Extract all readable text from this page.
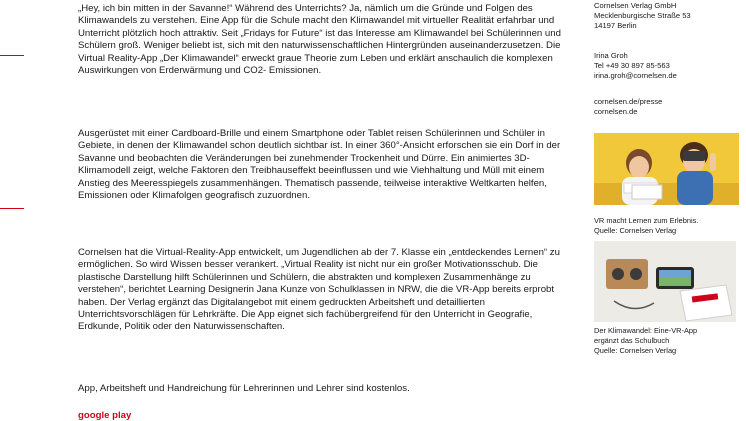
„Hey, ich bin mitten in der Savanne!“ Während des Unterrichts? Ja, nämlich um die Gründe und Folgen des Klimawandels zu verstehen. Eine App für die Schule macht den Klimawandel mit virtueller Realität erfahrbar und Unterricht plötzlich hoch attraktiv. Seit „Fridays for Future“ ist das Interesse am Klimawandel bei Schülerinnen und Schülern groß. Weniger beliebt ist, sich mit den naturwissenschaftlichen Hintergründen auseinanderzusetzen. Die Virtual Reality-App „Der Klimawandel“ erweckt graue Theorie zum Leben und erklärt anschaulich die komplexen Auswirkungen von Erderwärmung und CO2- Emissionen.

Ausgerüstet mit einer Cardboard-Brille und einem Smartphone oder Tablet reisen Schülerinnen und Schüler in Gebiete, in denen der Klimawandel schon deutlich sichtbar ist. In einer 360°-Ansicht erforschen sie ein Dorf in der Savanne und beobachten die Veränderungen bei zunehmender Trockenheit und Dürre. Ein animiertes 3D-Klimamodell zeigt, welche Faktoren den Treibhauseffekt beeinflussen und wie Viehhaltung und Müll mit einem Anstieg des Meeresspiegels zusammenhängen. Thematisch passende, teilweise interaktive Weltkarten helfen, Emissionen oder Klimafolgen geografisch zuzuordnen.

Cornelsen hat die Virtual-Reality-App entwickelt, um Jugendlichen ab der 7. Klasse ein „entdeckendes Lernen“ zu ermöglichen. So wird Wissen besser verankert. „Virtual Reality ist nicht nur ein großer Motivationsschub. Die plastische Darstellung hilft Schülerinnen und Schülern, die abstrakten und komplexen Zusammenhänge zu verstehen“, berichtet Learning Designerin Jana Kunze von Schulklassen in NRW, die die VR-App bereits erprobt haben. Der Verlag ergänzt das Digitalangebot mit einem gedruckten Arbeitsheft und detaillierten Unterrichtsvorschlägen für Lehrkräfte. Die App eignet sich fachübergreifend für den Unterricht in Geografie, Erdkunde, Politik oder den Naturwissenschaften.

App, Arbeitsheft und Handreichung für Lehrerinnen und Lehrer sind kostenlos.

google play
Cornelsen Verlag GmbH
Mecklenburgische Straße 53
14197 Berlin
Irina Groh
Tel +49 30 897 85-563
irina.groh@cornelsen.de
cornelsen.de/presse
cornelsen.de
VR macht Lernen zum Erlebnis.
Quelle: Cornelsen Verlag
Der Klimawandel: Eine-VR-App
ergänzt das Schulbuch
Quelle: Cornelsen Verlag
